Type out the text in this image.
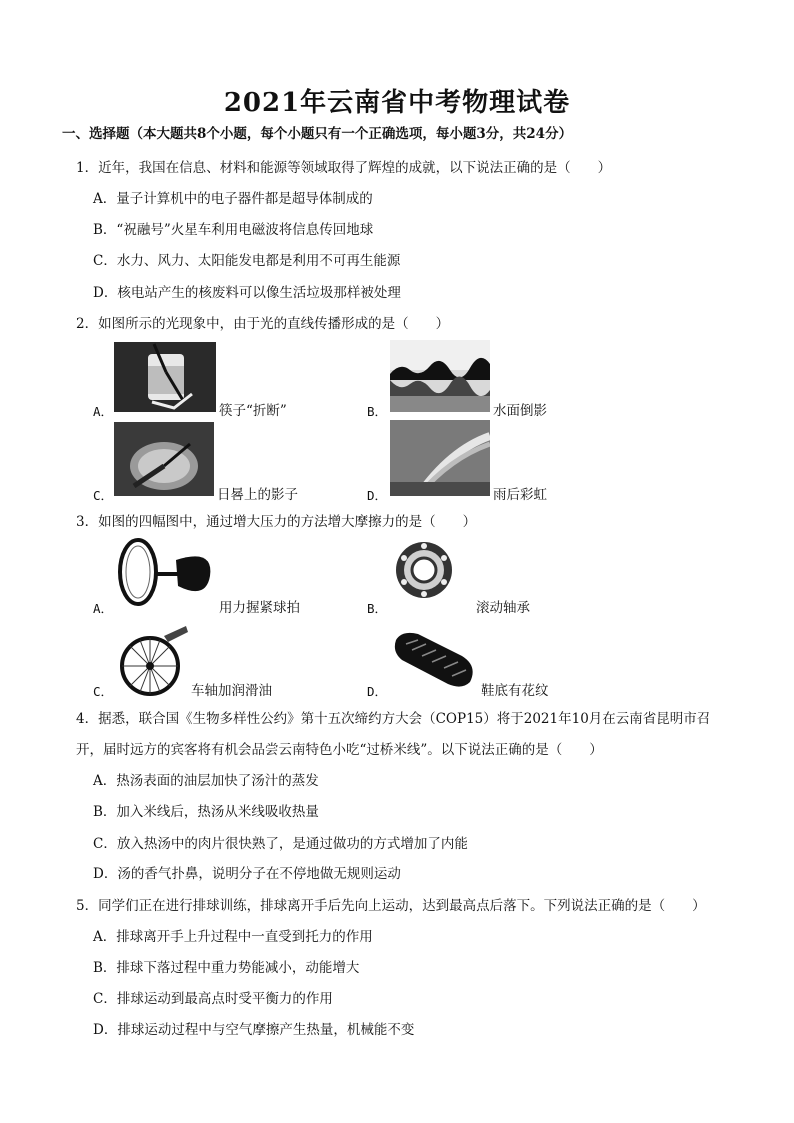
2021年云南省中考物理试卷
一、选择题（本大题共8个小题，每个小题只有一个正确选项，每小题3分，共24分）
1．近年，我国在信息、材料和能源等领域取得了辉煌的成就，以下说法正确的是（　　）
A．量子计算机中的电子器件都是超导体制成的
B．“祝融号”火星车利用电磁波将信息传回地球
C．水力、风力、太阳能发电都是利用不可再生能源
D．核电站产生的核废料可以像生活垃圾那样被处理
2．如图所示的光现象中，由于光的直线传播形成的是（　　）
A．	筷子“折断”	B．	水面倒影
C．	日晷上的影子	D．	雨后彩虹
3．如图的四幅图中，通过增大压力的方法增大摩擦力的是（　　）
A．	用力握紧球拍	B．	滚动轴承
C．	车轴加润滑油	D．	鞋底有花纹
4．据悉，联合国《生物多样性公约》第十五次缔约方大会（COP15）将于2021年10月在云南省昆明市召
开，届时远方的宾客将有机会品尝云南特色小吃“过桥米线”。以下说法正确的是（　　）
A．热汤表面的油层加快了汤汁的蒸发
B．加入米线后，热汤从米线吸收热量
C．放入热汤中的肉片很快熟了，是通过做功的方式增加了内能
D．汤的香气扑鼻，说明分子在不停地做无规则运动
5．同学们正在进行排球训练，排球离开手后先向上运动，达到最高点后落下。下列说法正确的是（　　）
A．排球离开手上升过程中一直受到托力的作用
B．排球下落过程中重力势能减小，动能增大
C．排球运动到最高点时受平衡力的作用
D．排球运动过程中与空气摩擦产生热量，机械能不变
